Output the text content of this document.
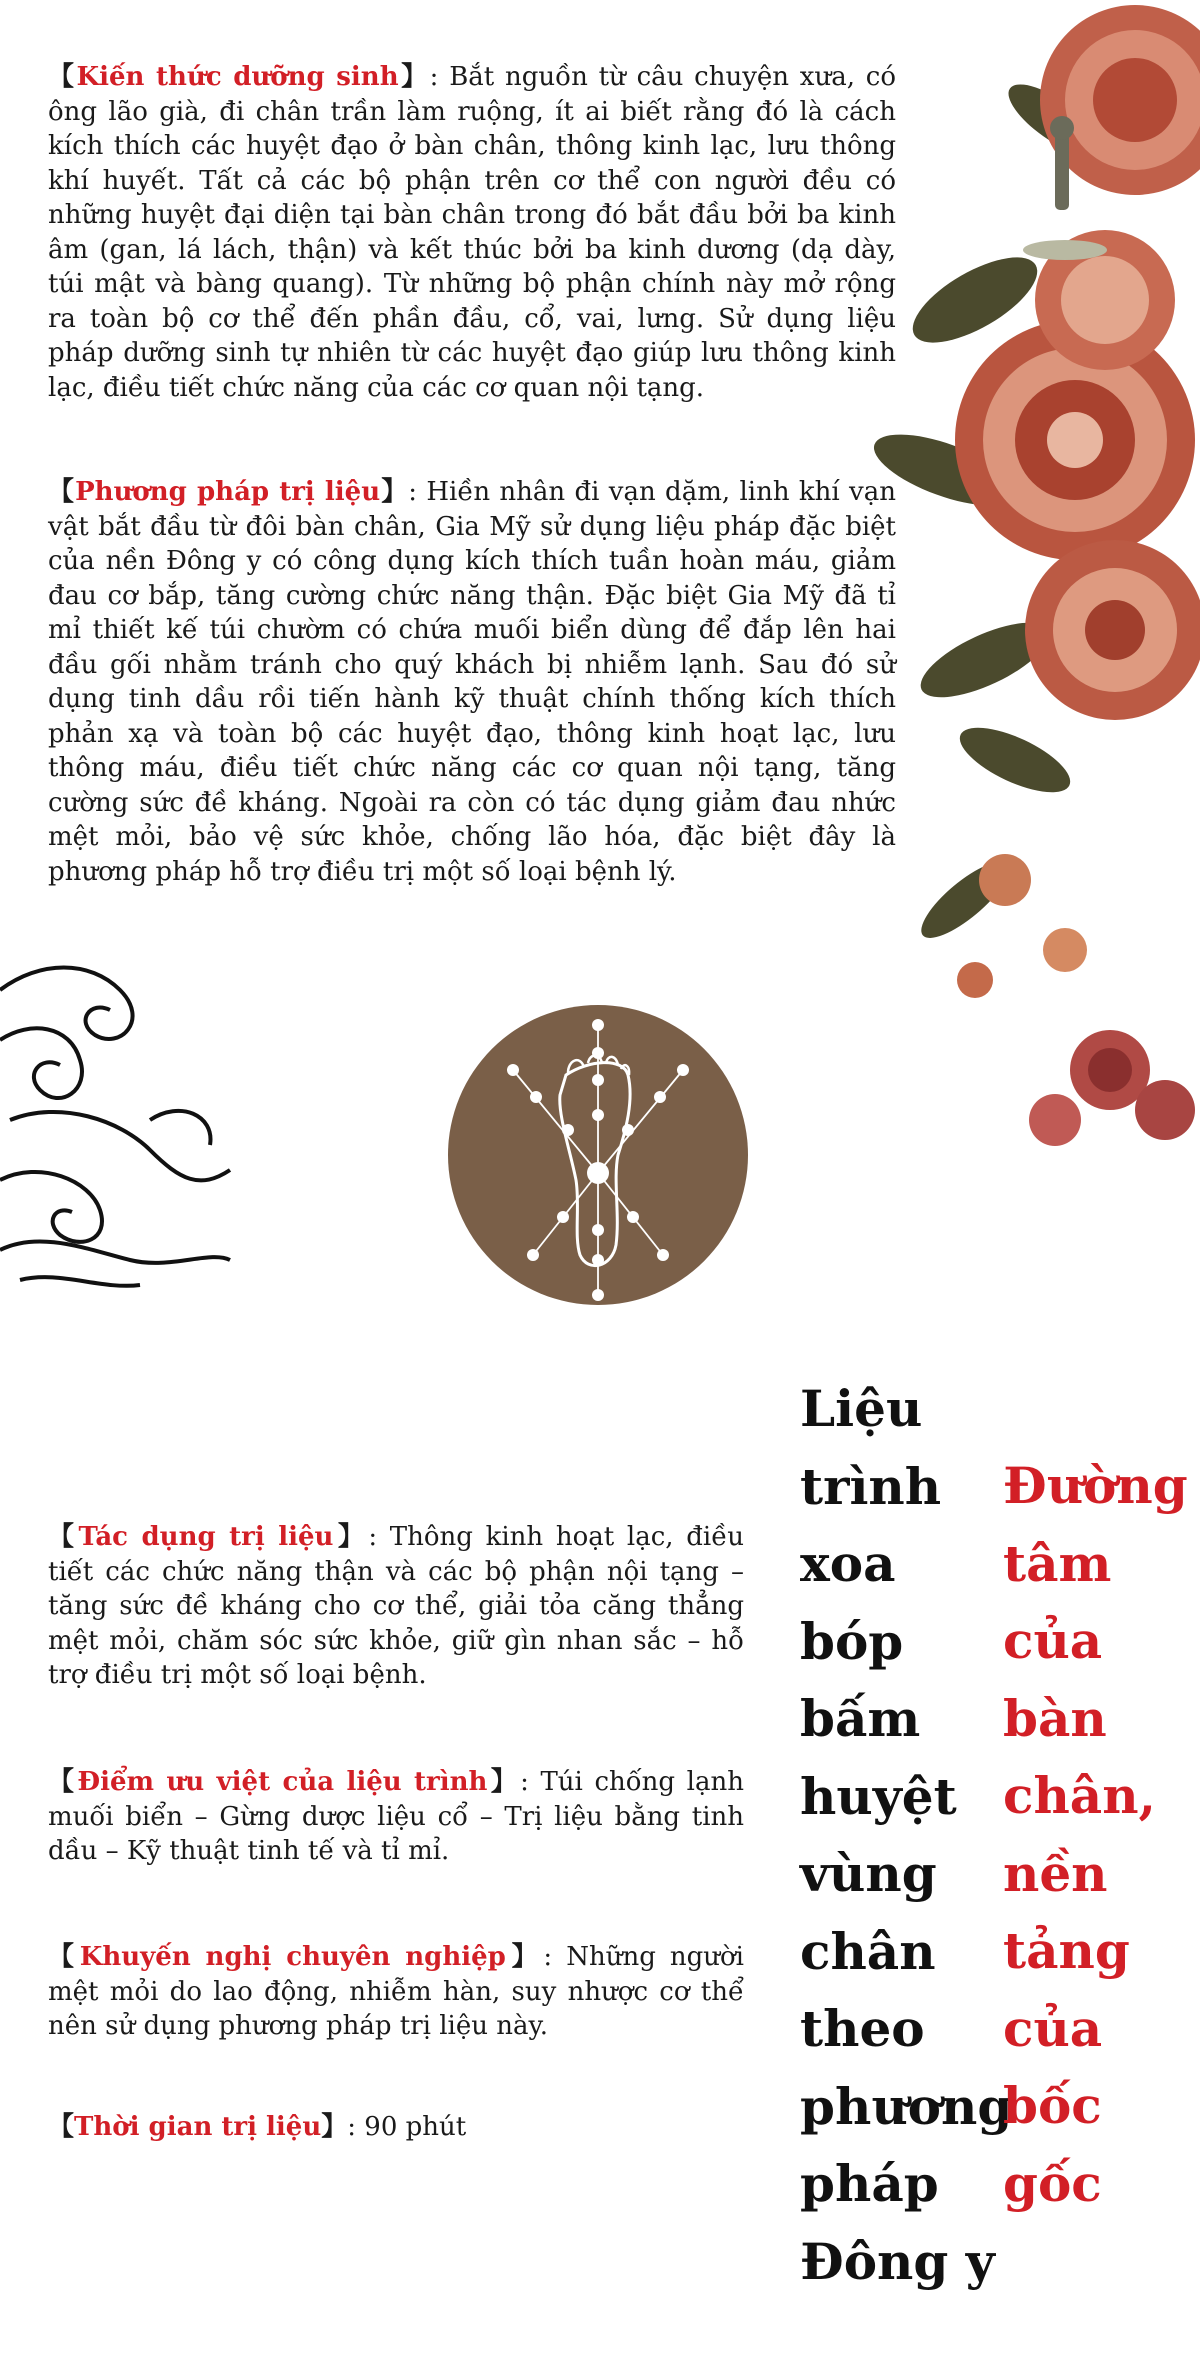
【Kiến thức dưỡng sinh】: Bắt nguồn từ câu chuyện xưa, có ông lão già, đi chân trần làm ruộng, ít ai biết rằng đó là cách kích thích các huyệt đạo ở bàn chân, thông kinh lạc, lưu thông khí huyết. Tất cả các bộ phận trên cơ thể con người đều có những huyệt đại diện tại bàn chân trong đó bắt đầu bởi ba kinh âm (gan, lá lách, thận) và kết thúc bởi ba kinh dương (dạ dày, túi mật và bàng quang). Từ những bộ phận chính này mở rộng ra toàn bộ cơ thể đến phần đầu, cổ, vai, lưng. Sử dụng liệu pháp dưỡng sinh tự nhiên từ các huyệt đạo giúp lưu thông kinh lạc, điều tiết chức năng của các cơ quan nội tạng.

【Phương pháp trị liệu】: Hiền nhân đi vạn dặm, linh khí vạn vật bắt đầu từ đôi bàn chân, Gia Mỹ sử dụng liệu pháp đặc biệt của nền Đông y có công dụng kích thích tuần hoàn máu, giảm đau cơ bắp, tăng cường chức năng thận. Đặc biệt Gia Mỹ đã tỉ mỉ thiết kế túi chườm có chứa muối biển dùng để đắp lên hai đầu gối nhằm tránh cho quý khách bị nhiễm lạnh. Sau đó sử dụng tinh dầu rồi tiến hành kỹ thuật chính thống kích thích phản xạ và toàn bộ các huyệt đạo, thông kinh hoạt lạc, lưu thông máu, điều tiết chức năng các cơ quan nội tạng, tăng cường sức đề kháng. Ngoài ra còn có tác dụng giảm đau nhức mệt mỏi, bảo vệ sức khỏe, chống lão hóa, đặc biệt đây là phương pháp hỗ trợ điều trị một số loại bệnh lý.

【Tác dụng trị liệu】: Thông kinh hoạt lạc, điều tiết các chức năng thận và các bộ phận nội tạng – tăng sức đề kháng cho cơ thể, giải tỏa căng thẳng mệt mỏi, chăm sóc sức khỏe, giữ gìn nhan sắc – hỗ trợ điều trị một số loại bệnh.

【Điểm ưu việt của liệu trình】: Túi chống lạnh muối biển – Gừng dược liệu cổ – Trị liệu bằng tinh dầu – Kỹ thuật tinh tế và tỉ mỉ.

【Khuyến nghị chuyên nghiệp】: Những người mệt mỏi do lao động, nhiễm hàn, suy nhược cơ thể nên sử dụng phương pháp trị liệu này.

【Thời gian trị liệu】: 90 phút

Liệu
trình
xoa
bóp
bấm
huyệt
vùng
chân
theo
phương
pháp
Đông y
Đường
tâm
của
bàn
chân,
nền
tảng
của
bốc
gốc
